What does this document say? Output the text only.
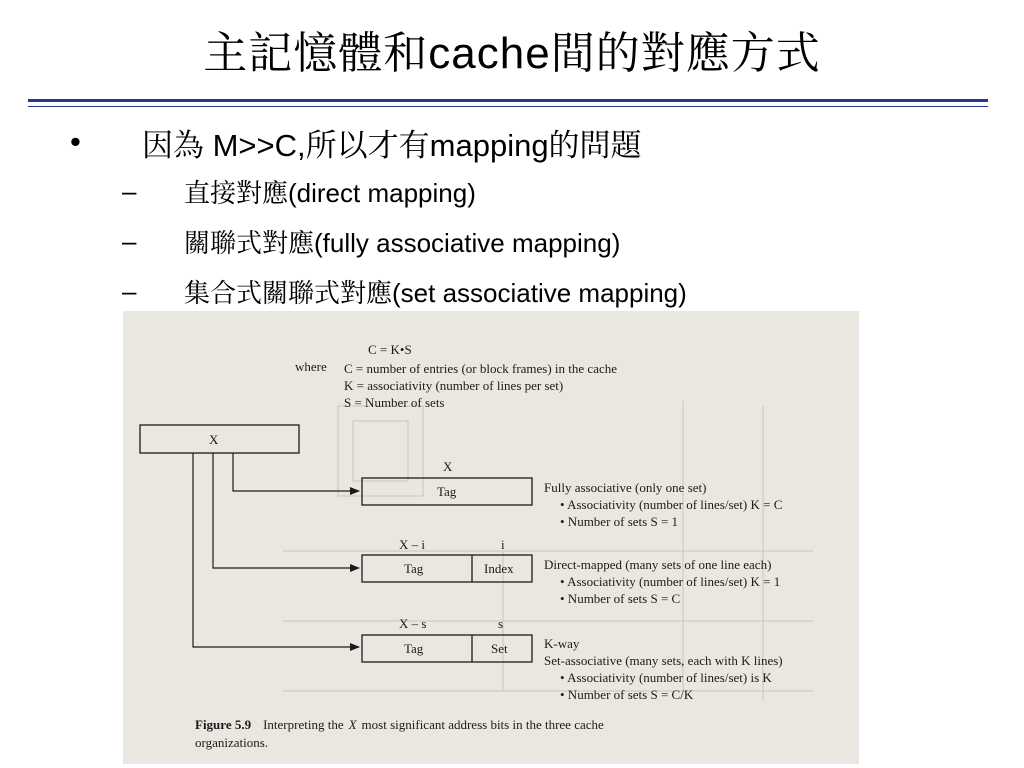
主記憶體和cache間的對應方式
•	因為 M>>C,所以才有mapping的問題
–	直接對應(direct mapping)
–	關聯式對應(fully associative mapping)
–	集合式關聯式對應(set associative mapping)
C = K•S
where C = number of entries (or block frames) in the cache
K = associativity (number of lines per set)
S = Number of sets
X
X
Tag	Fully associative (only one set)
• Associativity (number of lines/set) K = C
• Number of sets S = 1
X – i	i
Tag	Index Direct-mapped (many sets of one line each)
• Associativity (number of lines/set) K = 1
• Number of sets S = C
X – s	s
Tag	Set	K-way
Set-associative (many sets, each with K lines)
• Associativity (number of lines/set) is K
• Number of sets S = C/K
Figure 5.9 Interpreting the X most significant address bits in the three cache
organizations.
